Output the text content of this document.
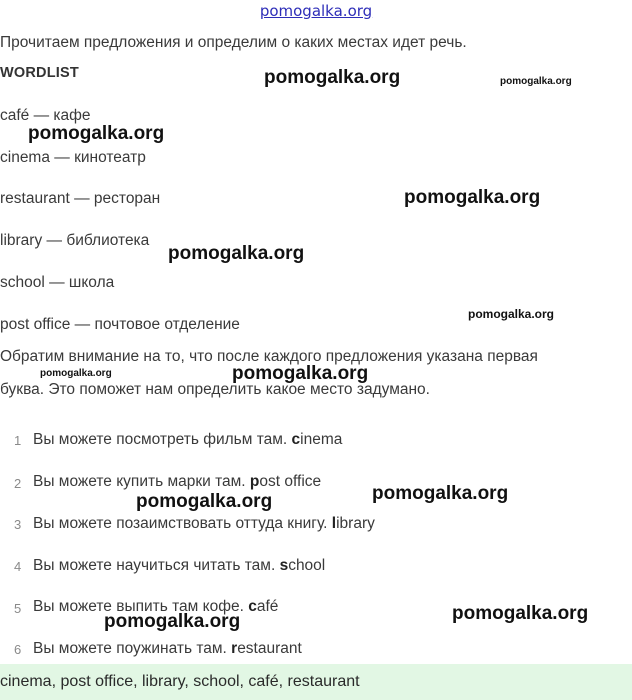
pomogalka.org
Прочитаем предложения и определим о каких местах идет речь.
WORDLIST
café — кафе
cinema — кинотеатр
restaurant — ресторан
library — библиотека
school — школа
post office — почтовое отделение
Обратим внимание на то, что после каждого предложения указана первая
буква. Это поможет нам определить какое место задумано.
1 Вы можете посмотреть фильм там. cinema
2 Вы можете купить марки там. post office
3 Вы можете позаимствовать оттуда книгу. library
4 Вы можете научиться читать там. school
5 Вы можете выпить там кофе. café
6 Вы можете поужинать там. restaurant
cinema, post office, library, school, café, restaurant
pomogalka.org	pomogalka.org
pomogalka.org
pomogalka.org
pomogalka.org
pomogalka.org
pomogalka.org	pomogalka.org
pomogalka.org
pomogalka.org
pomogalka.org
pomogalka.org
